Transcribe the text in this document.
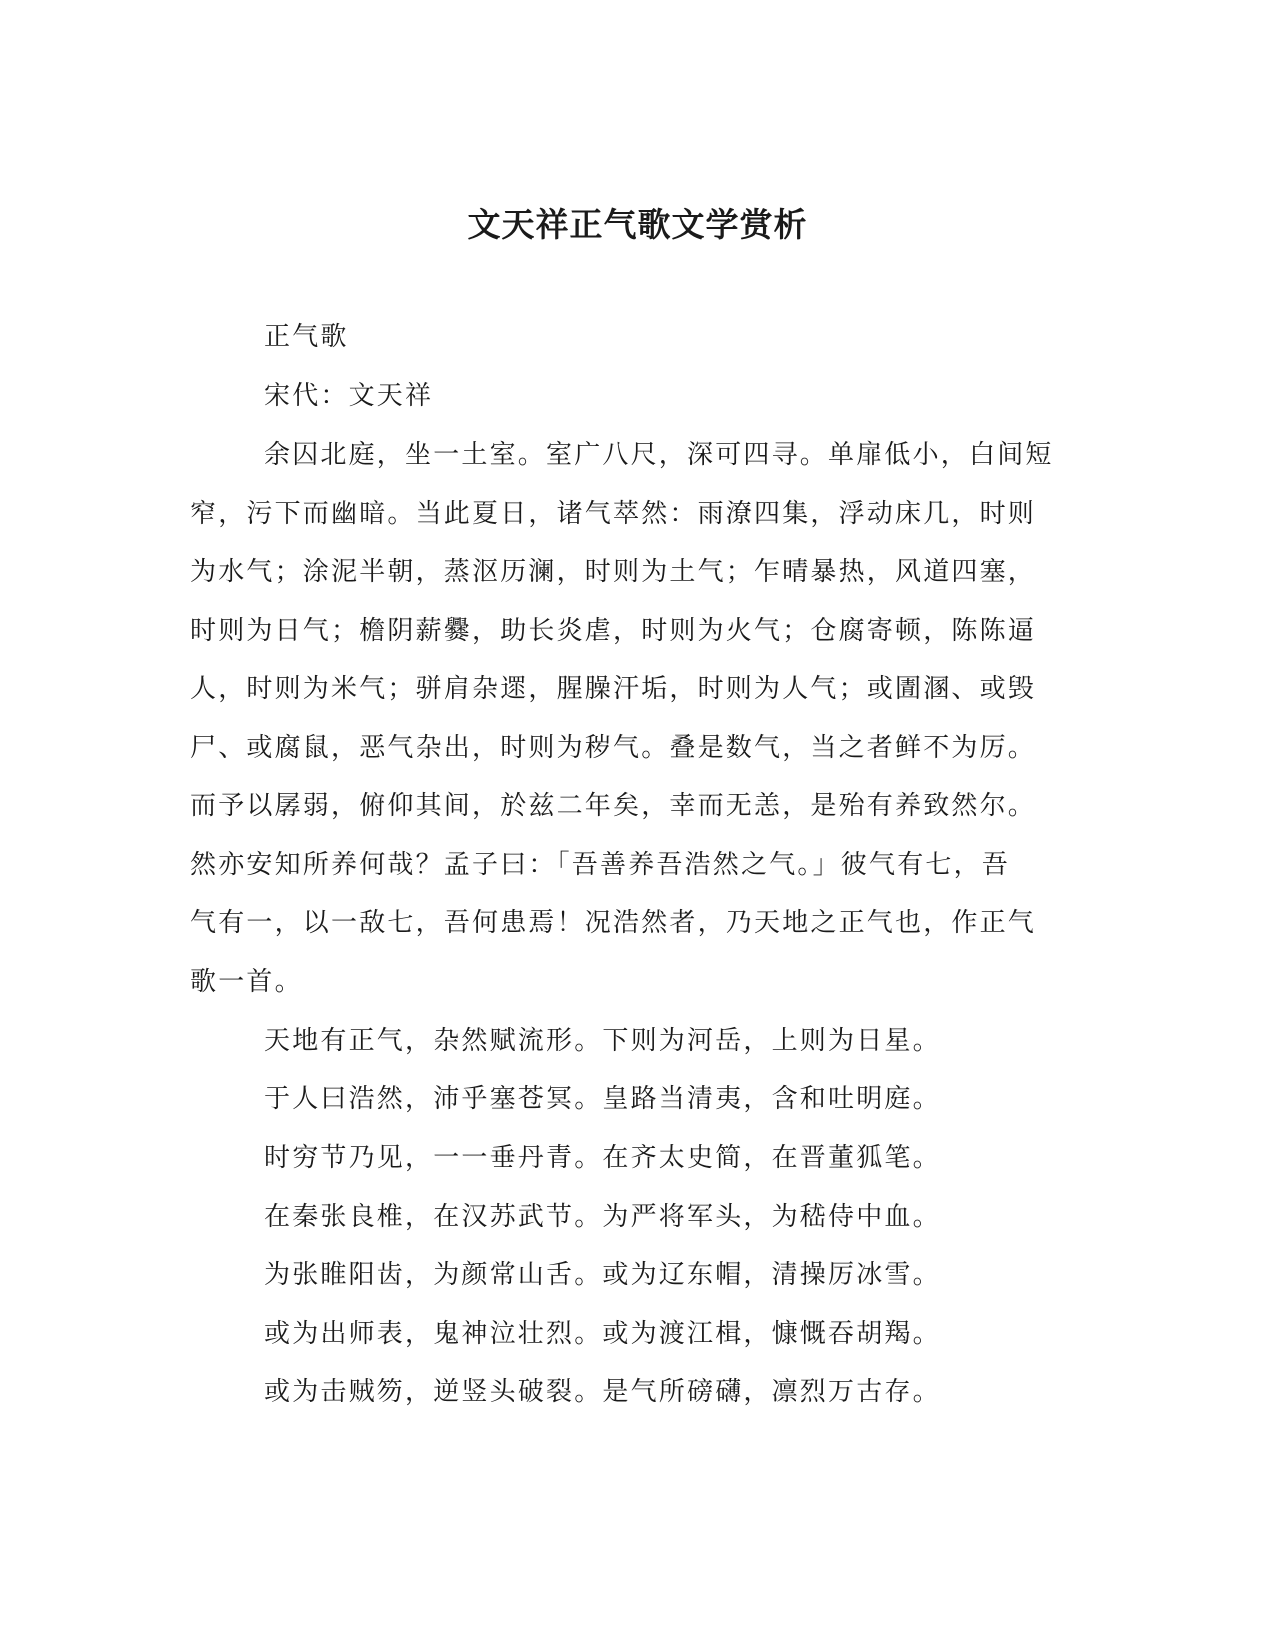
文天祥正气歌文学赏析
正气歌
宋代：文天祥
余囚北庭，坐一土室。室广八尺，深可四寻。单扉低小，白间短
窄，污下而幽暗。当此夏日，诸气萃然：雨潦四集，浮动床几，时则
为水气；涂泥半朝，蒸沤历澜，时则为土气；乍晴暴热，风道四塞，
时则为日气；檐阴薪爨，助长炎虐，时则为火气；仓腐寄顿，陈陈逼
人，时则为米气；骈肩杂遝，腥臊汗垢，时则为人气；或圊溷、或毁
尸、或腐鼠，恶气杂出，时则为秽气。叠是数气，当之者鲜不为厉。
而予以孱弱，俯仰其间，於兹二年矣，幸而无恙，是殆有养致然尔。
然亦安知所养何哉？孟子曰：「吾善养吾浩然之气。」彼气有七，吾
气有一，以一敌七，吾何患焉！况浩然者，乃天地之正气也，作正气
歌一首。
天地有正气，杂然赋流形。下则为河岳，上则为日星。
于人曰浩然，沛乎塞苍冥。皇路当清夷，含和吐明庭。
时穷节乃见，一一垂丹青。在齐太史简，在晋董狐笔。
在秦张良椎，在汉苏武节。为严将军头，为嵇侍中血。
为张睢阳齿，为颜常山舌。或为辽东帽，清操厉冰雪。
或为出师表，鬼神泣壮烈。或为渡江楫，慷慨吞胡羯。
或为击贼笏，逆竖头破裂。是气所磅礴，凛烈万古存。
